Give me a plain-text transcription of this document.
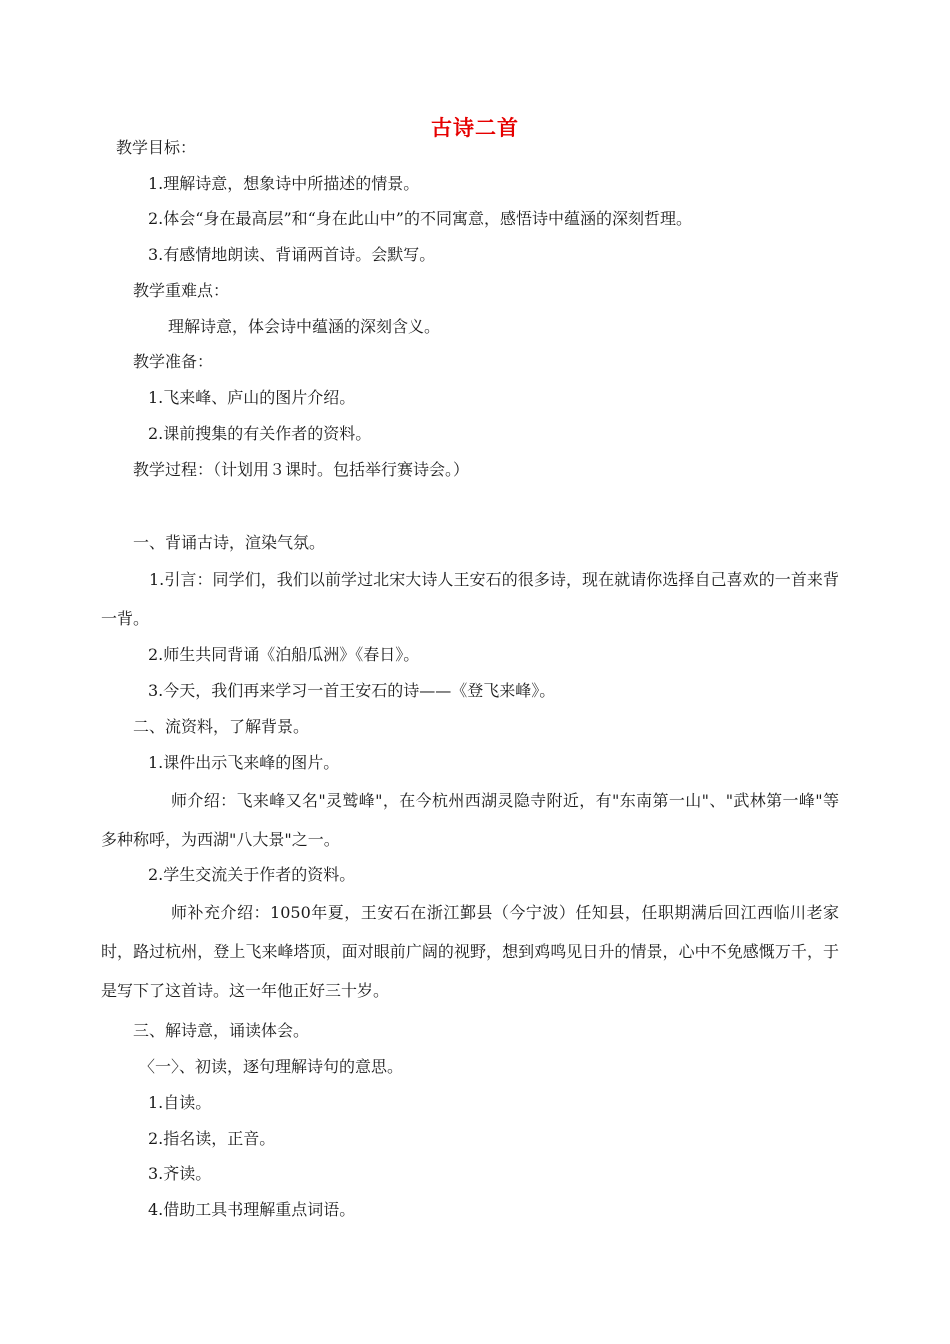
古诗二首
教学目标：
1.理解诗意，想象诗中所描述的情景。
2.体会“身在最高层”和“身在此山中”的不同寓意，感悟诗中蕴涵的深刻哲理。
3.有感情地朗读、背诵两首诗。会默写。
教学重难点：
理解诗意，体会诗中蕴涵的深刻含义。
教学准备：
1.飞来峰、庐山的图片介绍。
2.课前搜集的有关作者的资料。
教学过程：（计划用３课时。包括举行赛诗会。）
一、背诵古诗，渲染气氛。
1.引言：同学们，我们以前学过北宋大诗人王安石的很多诗，现在就请你选择自己喜欢的一首来背一背。
2.师生共同背诵《泊船瓜洲》《春日》。
3.今天，我们再来学习一首王安石的诗——《登飞来峰》。
二、流资料，了解背景。
1.课件出示飞来峰的图片。
师介绍：飞来峰又名"灵鹫峰"，在今杭州西湖灵隐寺附近，有"东南第一山"、"武林第一峰"等多种称呼，为西湖"八大景"之一。
2.学生交流关于作者的资料。
师补充介绍：1050年夏，王安石在浙江鄞县（今宁波）任知县，任职期满后回江西临川老家时，路过杭州，登上飞来峰塔顶，面对眼前广阔的视野，想到鸡鸣见日升的情景，心中不免感慨万千，于是写下了这首诗。这一年他正好三十岁。
三、解诗意，诵读体会。
〈一〉、初读，逐句理解诗句的意思。
1.自读。
2.指名读，正音。
3.齐读。
4.借助工具书理解重点词语。
